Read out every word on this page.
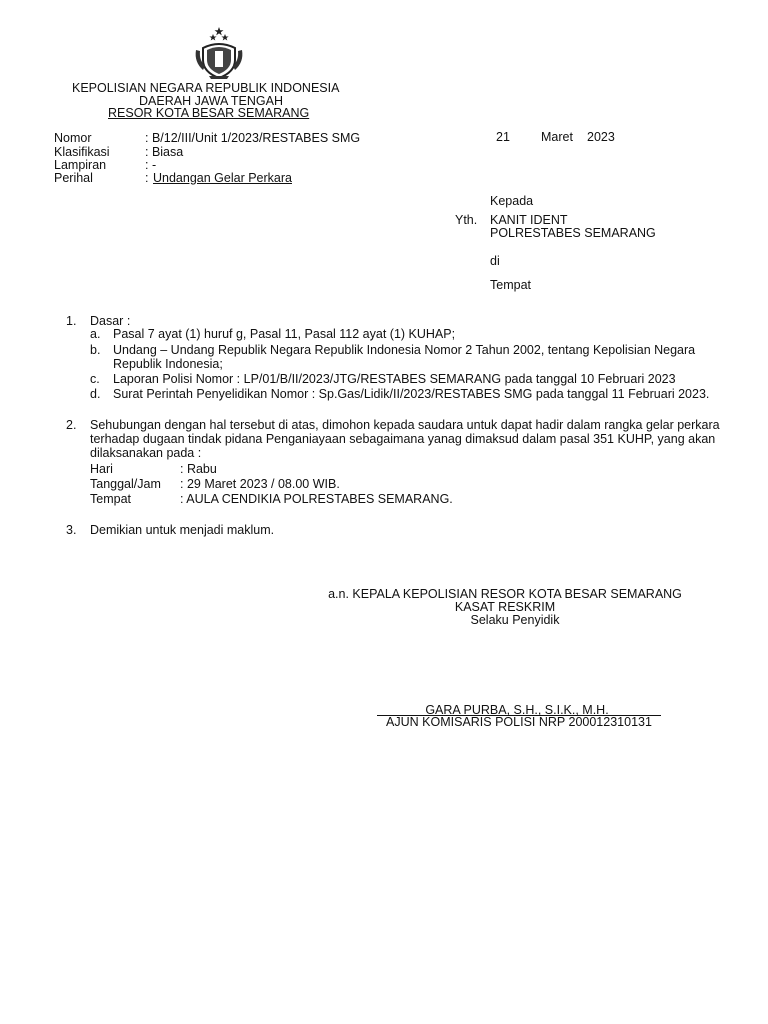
KEPOLISIAN NEGARA REPUBLIK INDONESIA
DAERAH JAWA TENGAH
RESOR KOTA BESAR SEMARANG
Nomor	: B/12/III/Unit 1/2023/RESTABES SMG
Klasifikasi	: Biasa
Lampiran	: -
Perihal	: Undangan Gelar Perkara
21 Maret 2023
Kepada
Yth. KANIT IDENT
POLRESTABES SEMARANG
di
Tempat
1. Dasar :
a. Pasal 7 ayat (1) huruf g, Pasal 11, Pasal 112 ayat (1) KUHAP;
b. Undang – Undang Republik Negara Republik Indonesia Nomor 2 Tahun 2002, tentang Kepolisian Negara
Republik Indonesia;
c. Laporan Polisi Nomor : LP/01/B/II/2023/JTG/RESTABES SEMARANG pada tanggal 10 Februari 2023
d. Surat Perintah Penyelidikan Nomor : Sp.Gas/Lidik/II/2023/RESTABES SMG pada tanggal 11 Februari 2023.
2. Sehubungan dengan hal tersebut di atas, dimohon kepada saudara untuk dapat hadir dalam rangka gelar perkara
terhadap dugaan tindak pidana Penganiayaan sebagaimana yanag dimaksud dalam pasal 351 KUHP, yang akan
dilaksanakan pada :
Hari	: Rabu
Tanggal/Jam : 29 Maret 2023 / 08.00 WIB.
Tempat	: AULA CENDIKIA POLRESTABES SEMARANG.
3. Demikian untuk menjadi maklum.
a.n. KEPALA KEPOLISIAN RESOR KOTA BESAR SEMARANG
KASAT RESKRIM
Selaku Penyidik
GARA PURBA, S.H., S.I.K., M.H.
AJUN KOMISARIS POLISI NRP 200012310131
